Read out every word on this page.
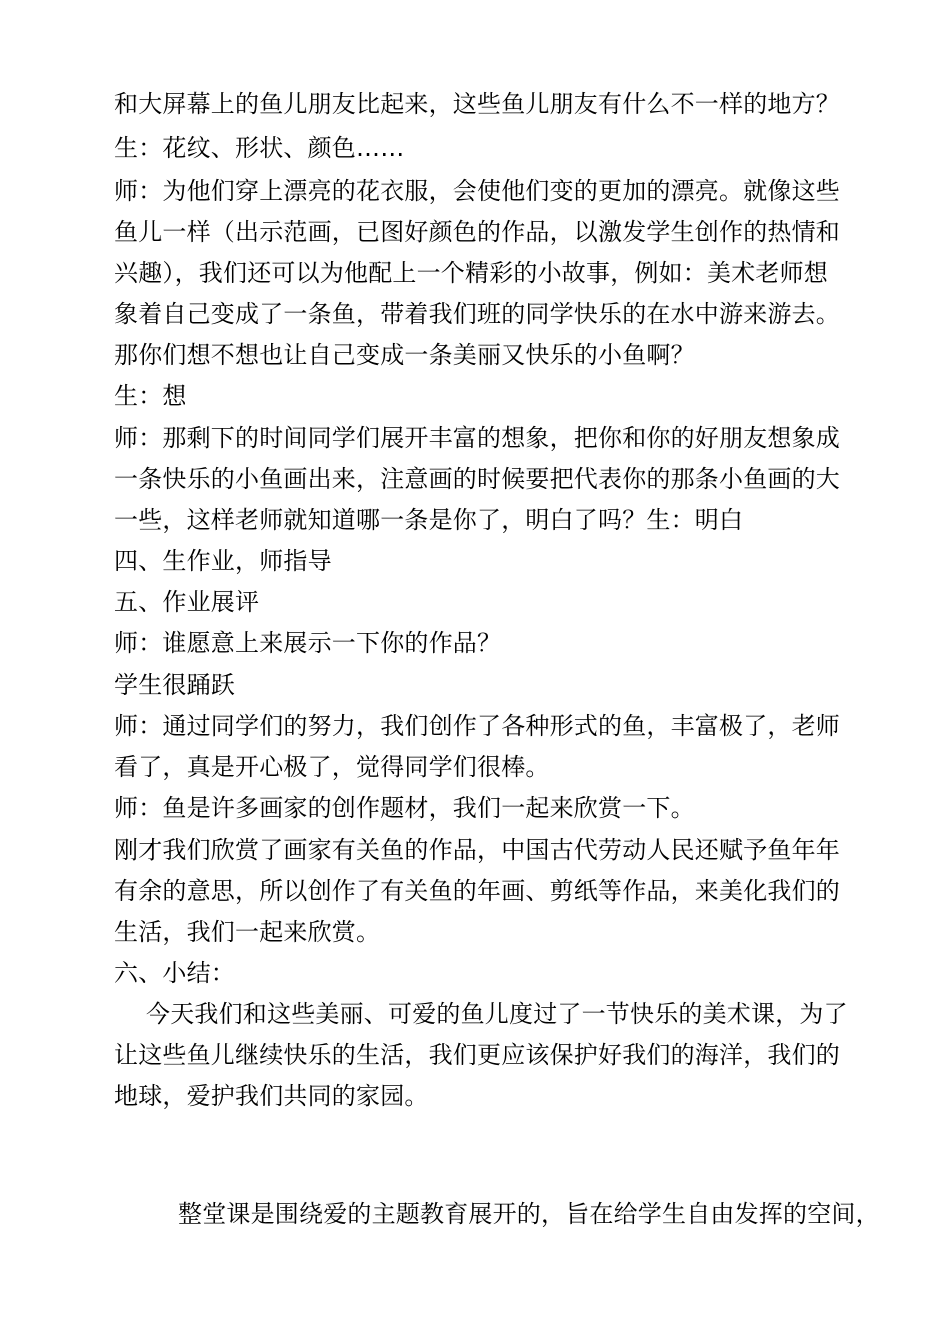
和大屏幕上的鱼儿朋友比起来，这些鱼儿朋友有什么不一样的地方？
生：花纹、形状、颜色……
师：为他们穿上漂亮的花衣服，会使他们变的更加的漂亮。就像这些
鱼儿一样（出示范画，已图好颜色的作品，以激发学生创作的热情和
兴趣），我们还可以为他配上一个精彩的小故事，例如：美术老师想
象着自己变成了一条鱼，带着我们班的同学快乐的在水中游来游去。
那你们想不想也让自己变成一条美丽又快乐的小鱼啊？
生：想
师：那剩下的时间同学们展开丰富的想象，把你和你的好朋友想象成
一条快乐的小鱼画出来，注意画的时候要把代表你的那条小鱼画的大
一些，这样老师就知道哪一条是你了，明白了吗？生：明白
四、生作业，师指导
五、作业展评
师：谁愿意上来展示一下你的作品？
学生很踊跃
师：通过同学们的努力，我们创作了各种形式的鱼，丰富极了，老师
看了，真是开心极了，觉得同学们很棒。
师：鱼是许多画家的创作题材，我们一起来欣赏一下。
刚才我们欣赏了画家有关鱼的作品，中国古代劳动人民还赋予鱼年年
有余的意思，所以创作了有关鱼的年画、剪纸等作品，来美化我们的
生活，我们一起来欣赏。
六、小结：
今天我们和这些美丽、可爱的鱼儿度过了一节快乐的美术课，为了
让这些鱼儿继续快乐的生活，我们更应该保护好我们的海洋，我们的
地球，爱护我们共同的家园。
整堂课是围绕爱的主题教育展开的，旨在给学生自由发挥的空间，
